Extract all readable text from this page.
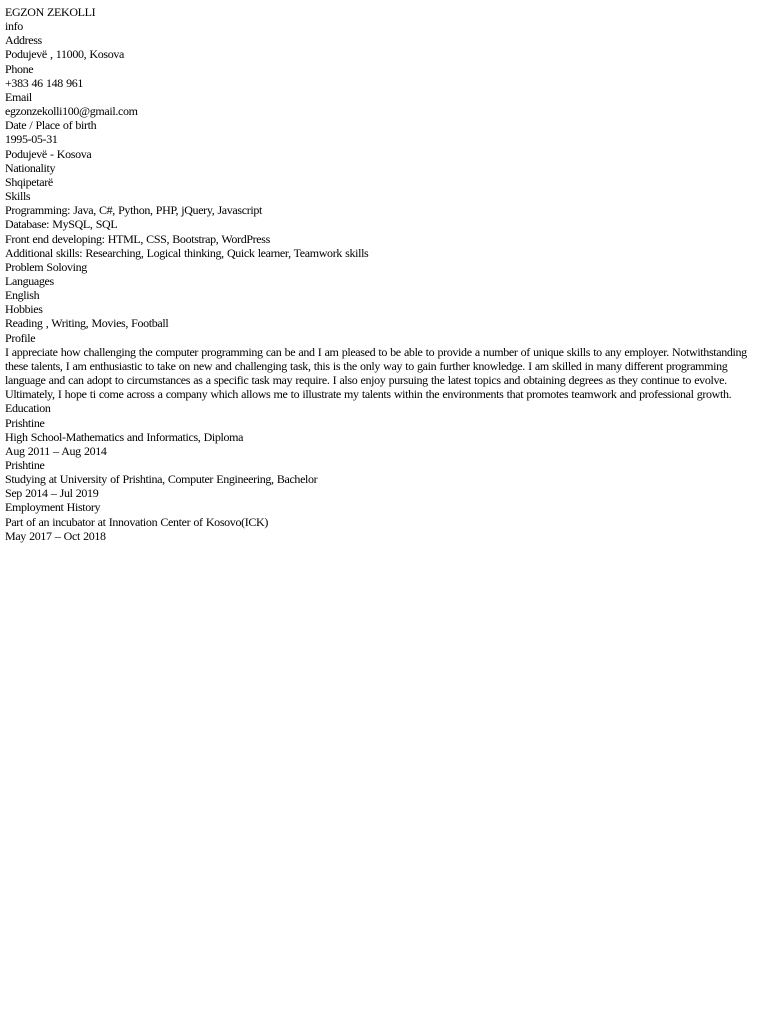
EGZON ZEKOLLI
info
Address
Podujevë , 11000, Kosova
Phone
+383 46 148 961
Email
egzonzekolli100@gmail.com
Date / Place of birth
1995-05-31
Podujevë - Kosova
Nationality
Shqipetarë
Skills
Programming: Java, C#, Python, PHP, jQuery, Javascript
Database: MySQL, SQL
Front end developing: HTML, CSS, Bootstrap, WordPress
Additional skills: Researching, Logical thinking, Quick learner, Teamwork skills
Problem Soloving
Languages
English
Hobbies
Reading , Writing, Movies, Football
Profile
I appreciate how challenging the computer programming can be and I am pleased to be able to provide a number of unique skills to any employer. Notwithstanding these talents, I am enthusiastic to take on new and challenging task, this is the only way to gain further knowledge. I am skilled in many different programming language and can adopt to circumstances as a specific task may require. I also enjoy pursuing the latest topics and obtaining degrees as they continue to evolve. Ultimately, I hope ti come across a company which allows me to illustrate my talents within the environments that promotes teamwork and professional growth.
Education
Prishtine
High School-Mathematics and Informatics, Diploma
Aug 2011 – Aug 2014
Prishtine
Studying at University of Prishtina, Computer Engineering, Bachelor
Sep 2014 – Jul 2019
Employment History
Part of an incubator at Innovation Center of Kosovo(ICK)
May 2017 – Oct 2018
